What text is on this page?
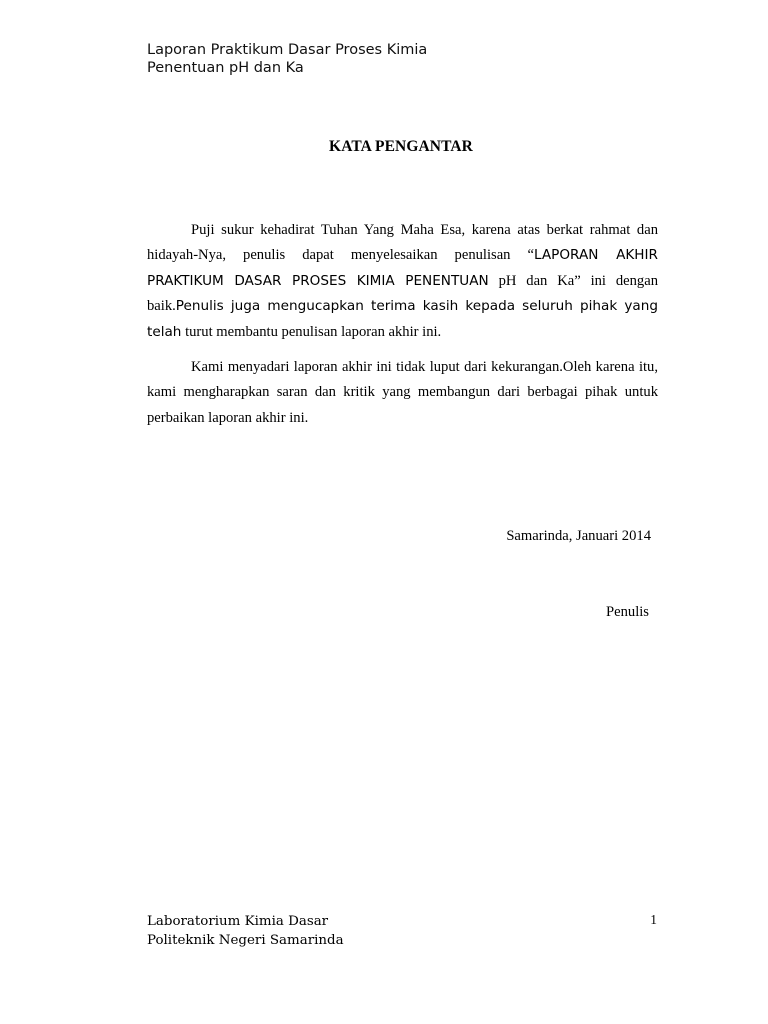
Laporan Praktikum Dasar Proses Kimia
Penentuan pH dan Ka
KATA PENGANTAR

Puji sukur kehadirat Tuhan Yang Maha Esa, karena atas berkat rahmat dan hidayah-Nya, penulis dapat menyelesaikan penulisan “LAPORAN AKHIR PRAKTIKUM DASAR PROSES KIMIA PENENTUAN pH dan Ka” ini dengan baik.Penulis juga mengucapkan terima kasih kepada seluruh pihak yang telah turut membantu penulisan laporan akhir ini.

Kami menyadari laporan akhir ini tidak luput dari kekurangan.Oleh karena itu, kami mengharapkan saran dan kritik yang membangun dari berbagai pihak untuk perbaikan laporan akhir ini.

Samarinda, Januari 2014
Penulis
Laboratorium Kimia Dasar
Politeknik Negeri Samarinda
1
